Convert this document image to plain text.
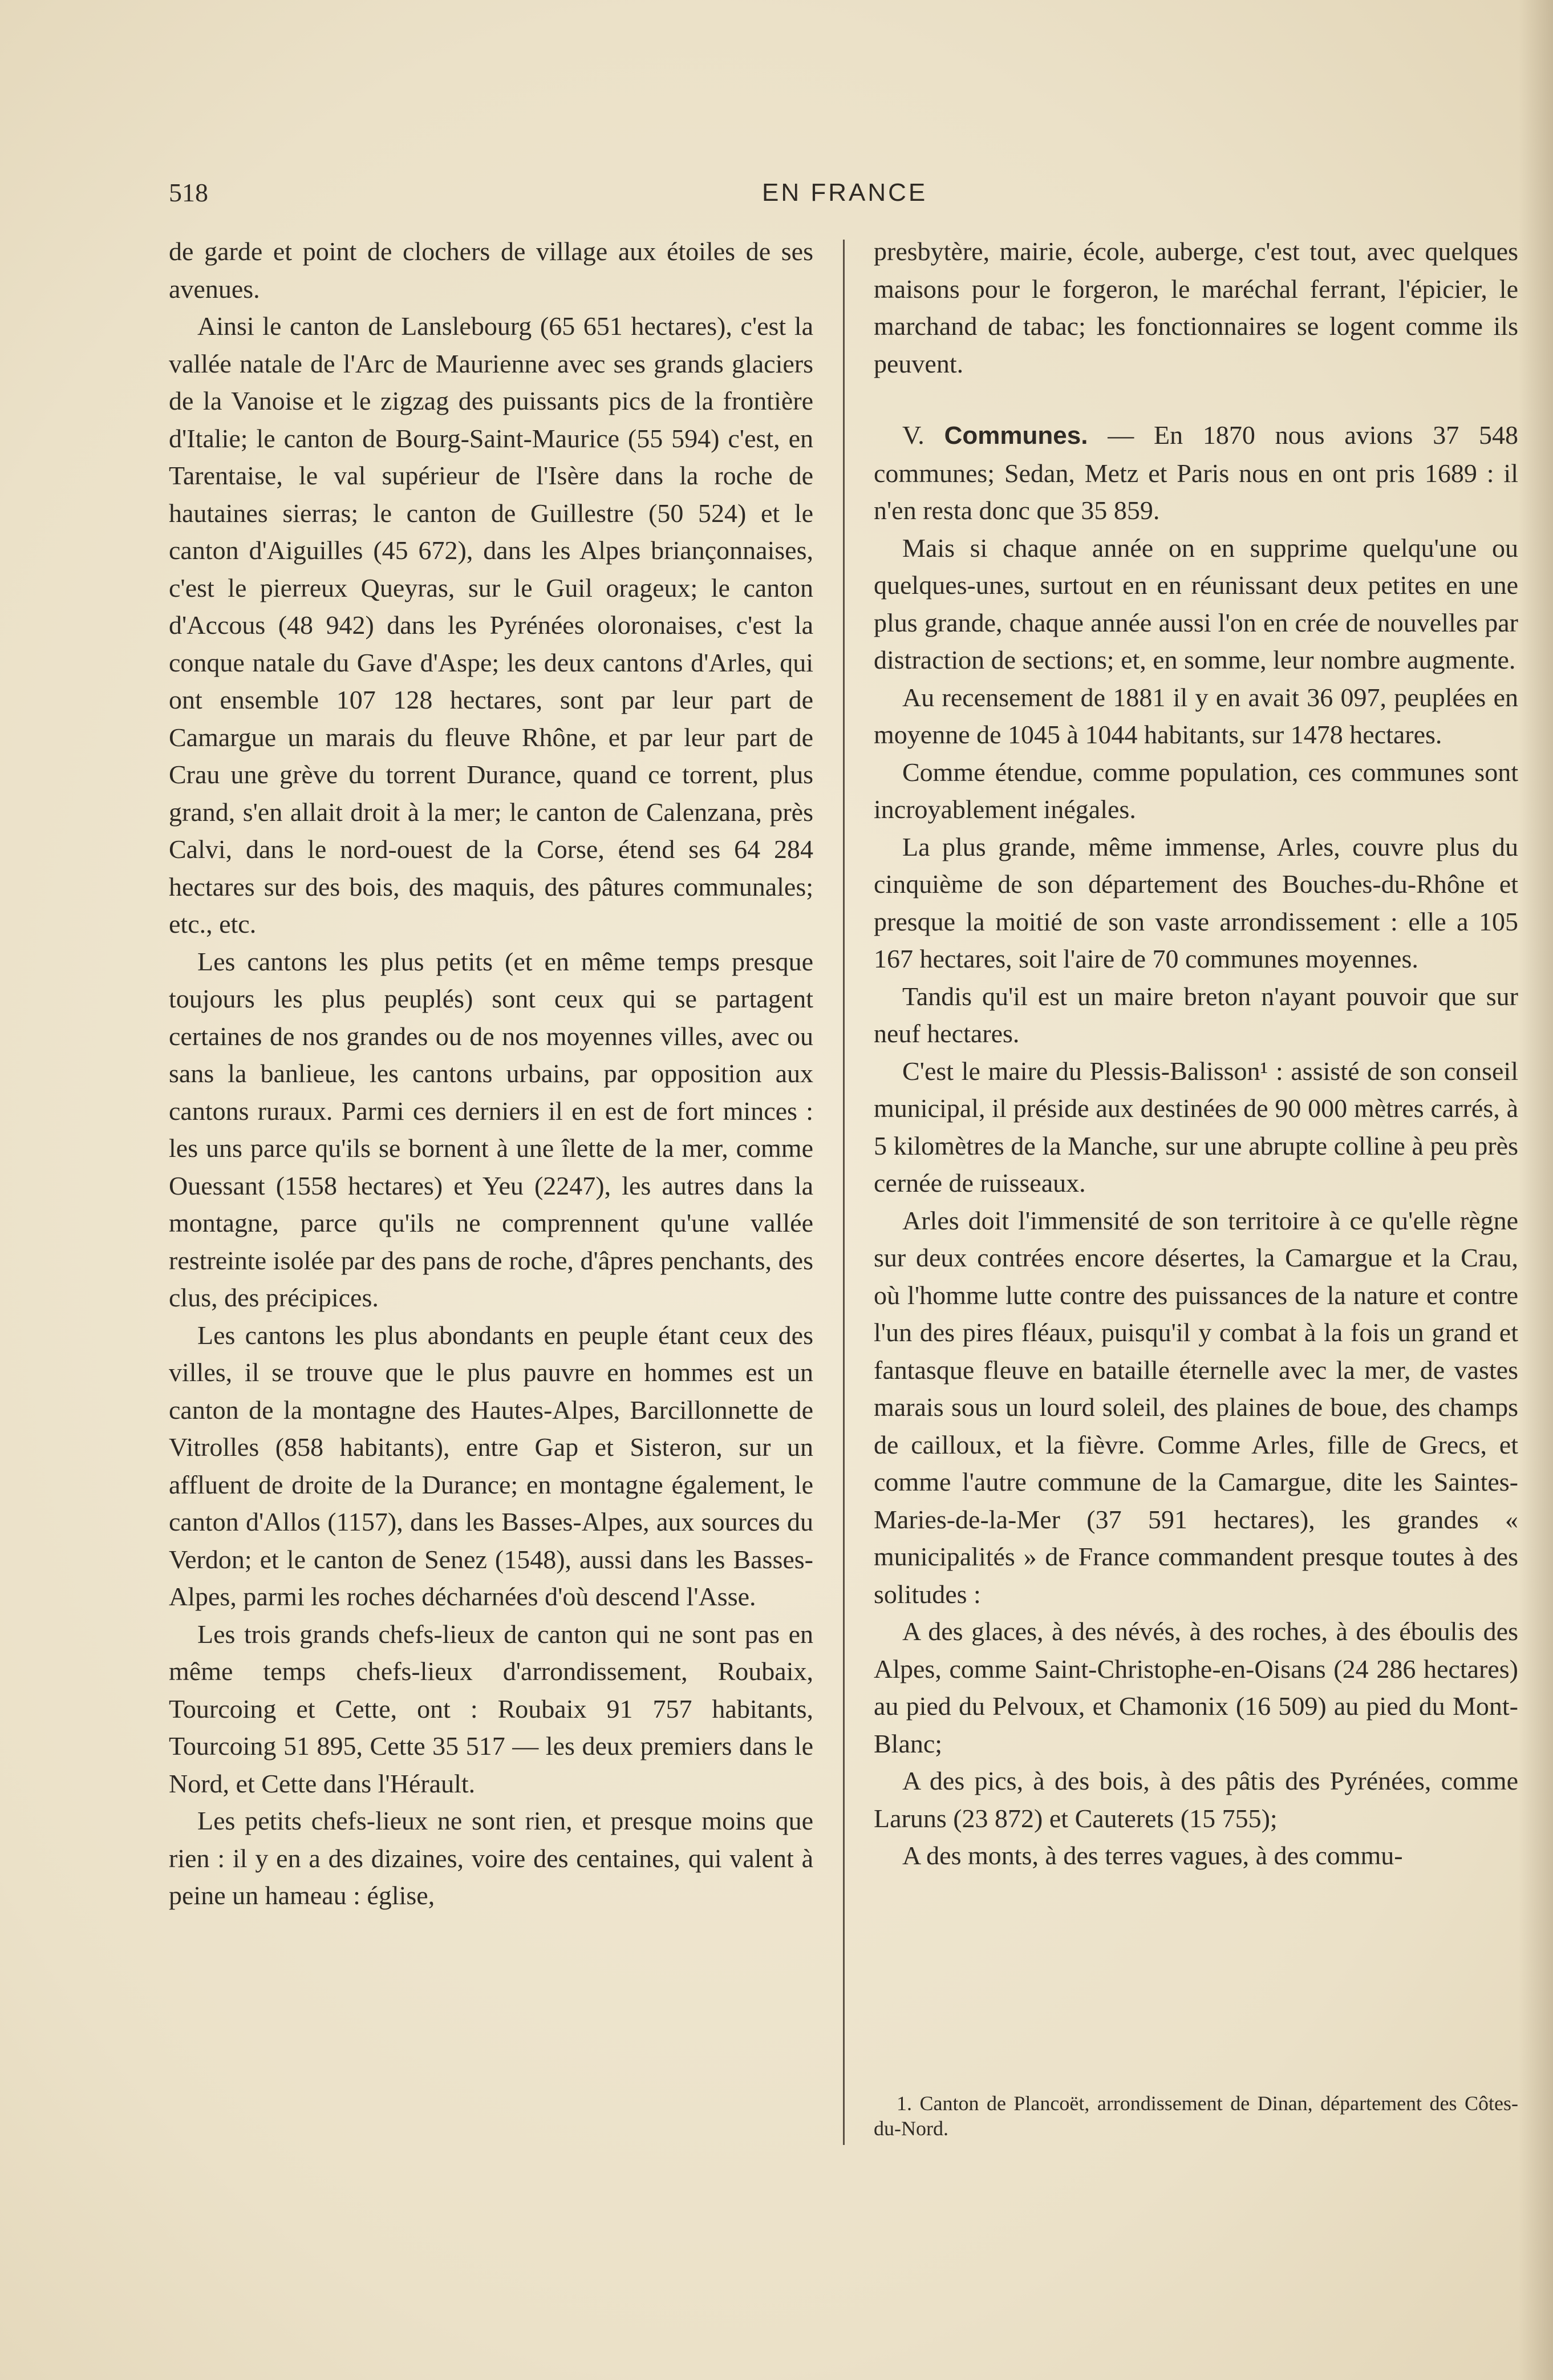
518	EN FRANCE

de garde et point de clochers de village aux étoiles de ses avenues.

Ainsi le canton de Lanslebourg (65 651 hectares), c'est la vallée natale de l'Arc de Maurienne avec ses grands glaciers de la Vanoise et le zigzag des puissants pics de la frontière d'Italie; le canton de Bourg-Saint-Maurice (55 594) c'est, en Tarentaise, le val supérieur de l'Isère dans la roche de hautaines sierras; le canton de Guillestre (50 524) et le canton d'Aiguilles (45 672), dans les Alpes briançonnaises, c'est le pierreux Queyras, sur le Guil orageux; le canton d'Accous (48 942) dans les Pyrénées oloronaises, c'est la conque natale du Gave d'Aspe; les deux cantons d'Arles, qui ont ensemble 107 128 hectares, sont par leur part de Camargue un marais du fleuve Rhône, et par leur part de Crau une grève du torrent Durance, quand ce torrent, plus grand, s'en allait droit à la mer; le canton de Calenzana, près Calvi, dans le nord-ouest de la Corse, étend ses 64 284 hectares sur des bois, des maquis, des pâtures communales; etc., etc.

Les cantons les plus petits (et en même temps presque toujours les plus peuplés) sont ceux qui se partagent certaines de nos grandes ou de nos moyennes villes, avec ou sans la banlieue, les cantons urbains, par opposition aux cantons ruraux. Parmi ces derniers il en est de fort minces : les uns parce qu'ils se bornent à une îlette de la mer, comme Ouessant (1558 hectares) et Yeu (2247), les autres dans la montagne, parce qu'ils ne comprennent qu'une vallée restreinte isolée par des pans de roche, d'âpres penchants, des clus, des précipices.

Les cantons les plus abondants en peuple étant ceux des villes, il se trouve que le plus pauvre en hommes est un canton de la montagne des Hautes-Alpes, Barcillonnette de Vitrolles (858 habitants), entre Gap et Sisteron, sur un affluent de droite de la Durance; en montagne également, le canton d'Allos (1157), dans les Basses-Alpes, aux sources du Verdon; et le canton de Senez (1548), aussi dans les Basses-Alpes, parmi les roches décharnées d'où descend l'Asse.

Les trois grands chefs-lieux de canton qui ne sont pas en même temps chefs-lieux d'arrondissement, Roubaix, Tourcoing et Cette, ont : Roubaix 91 757 habitants, Tourcoing 51 895, Cette 35 517 — les deux premiers dans le Nord, et Cette dans l'Hérault.

Les petits chefs-lieux ne sont rien, et presque moins que rien : il y en a des dizaines, voire des centaines, qui valent à peine un hameau : église,

presbytère, mairie, école, auberge, c'est tout, avec quelques maisons pour le forgeron, le maréchal ferrant, l'épicier, le marchand de tabac; les fonctionnaires se logent comme ils peuvent.

V. Communes. — En 1870 nous avions 37 548 communes; Sedan, Metz et Paris nous en ont pris 1689 : il n'en resta donc que 35 859.

Mais si chaque année on en supprime quelqu'une ou quelques-unes, surtout en en réunissant deux petites en une plus grande, chaque année aussi l'on en crée de nouvelles par distraction de sections; et, en somme, leur nombre augmente.

Au recensement de 1881 il y en avait 36 097, peuplées en moyenne de 1045 à 1044 habitants, sur 1478 hectares.

Comme étendue, comme population, ces communes sont incroyablement inégales.

La plus grande, même immense, Arles, couvre plus du cinquième de son département des Bouches-du-Rhône et presque la moitié de son vaste arrondissement : elle a 105 167 hectares, soit l'aire de 70 communes moyennes.

Tandis qu'il est un maire breton n'ayant pouvoir que sur neuf hectares.

C'est le maire du Plessis-Balisson¹ : assisté de son conseil municipal, il préside aux destinées de 90 000 mètres carrés, à 5 kilomètres de la Manche, sur une abrupte colline à peu près cernée de ruisseaux.

Arles doit l'immensité de son territoire à ce qu'elle règne sur deux contrées encore désertes, la Camargue et la Crau, où l'homme lutte contre des puissances de la nature et contre l'un des pires fléaux, puisqu'il y combat à la fois un grand et fantasque fleuve en bataille éternelle avec la mer, de vastes marais sous un lourd soleil, des plaines de boue, des champs de cailloux, et la fièvre. Comme Arles, fille de Grecs, et comme l'autre commune de la Camargue, dite les Saintes-Maries-de-la-Mer (37 591 hectares), les grandes « municipalités » de France commandent presque toutes à des solitudes :

A des glaces, à des névés, à des roches, à des éboulis des Alpes, comme Saint-Christophe-en-Oisans (24 286 hectares) au pied du Pelvoux, et Chamonix (16 509) au pied du Mont-Blanc;

A des pics, à des bois, à des pâtis des Pyrénées, comme Laruns (23 872) et Cauterets (15 755);

A des monts, à des terres vagues, à des commu-

1. Canton de Plancoët, arrondissement de Dinan, département des Côtes-du-Nord.
